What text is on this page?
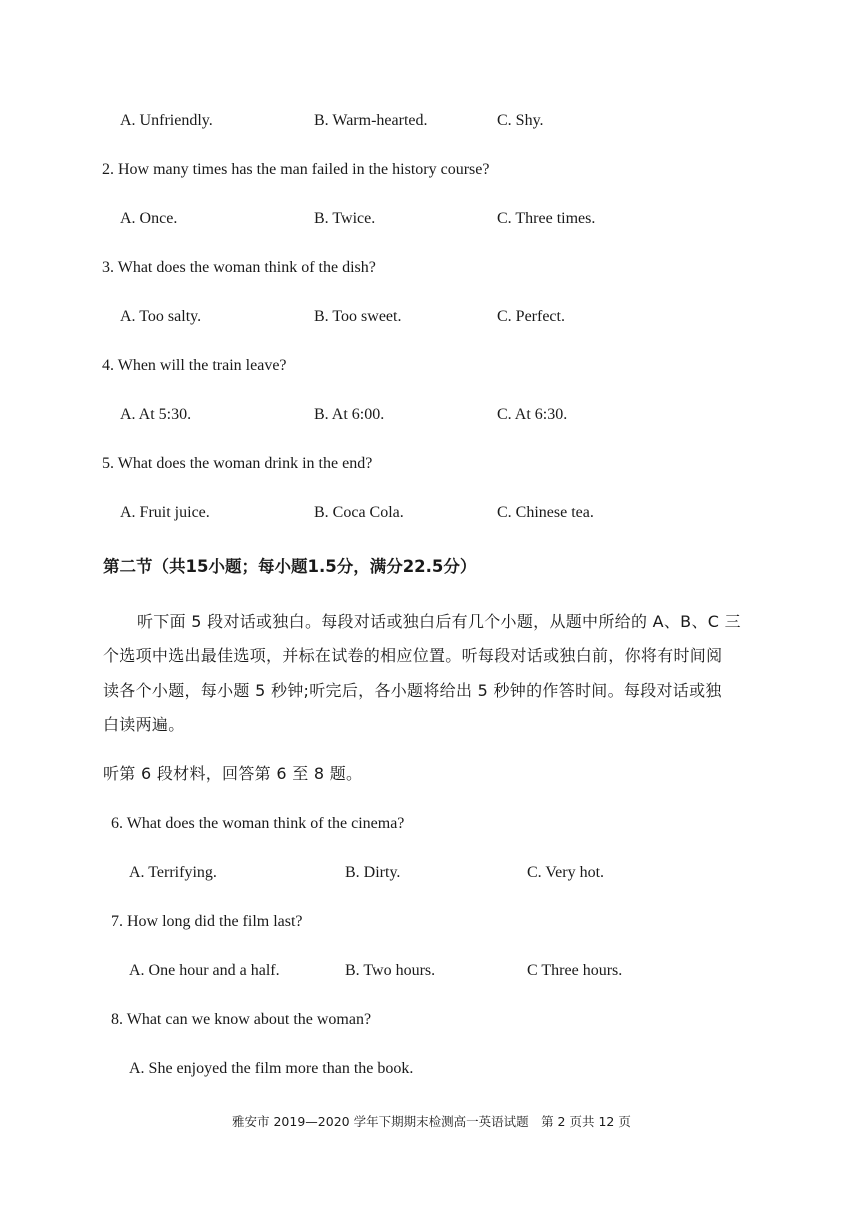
A. Unfriendly.	B. Warm-hearted.	C. Shy.
2. How many times has the man failed in the history course?
A. Once.	B. Twice.	C. Three times.
3. What does the woman think of the dish?
A. Too salty.	B. Too sweet.	C. Perfect.
4. When will the train leave?
A. At 5:30.	B. At 6:00.	C. At 6:30.
5. What does the woman drink in the end?
A. Fruit juice.	B. Coca Cola.	C. Chinese tea.
第二节（共15小题；每小题1.5分，满分22.5分）
听下面 5 段对话或独白。每段对话或独白后有几个小题，从题中所给的 A、B、C 三
个选项中选出最佳选项，并标在试卷的相应位置。听每段对话或独白前，你将有时间阅
读各个小题，每小题 5 秒钟;听完后，各小题将给出 5 秒钟的作答时间。每段对话或独
白读两遍。
听第 6 段材料，回答第 6 至 8 题。
6. What does the woman think of the cinema?
A. Terrifying.	B. Dirty.	C. Very hot.
7. How long did the film last?
A. One hour and a half.	B. Two hours.	C Three hours.
8. What can we know about the woman?
A. She enjoyed the film more than the book.
雅安市 2019—2020 学年下期期末检测高一英语试题　第 2 页共 12 页
